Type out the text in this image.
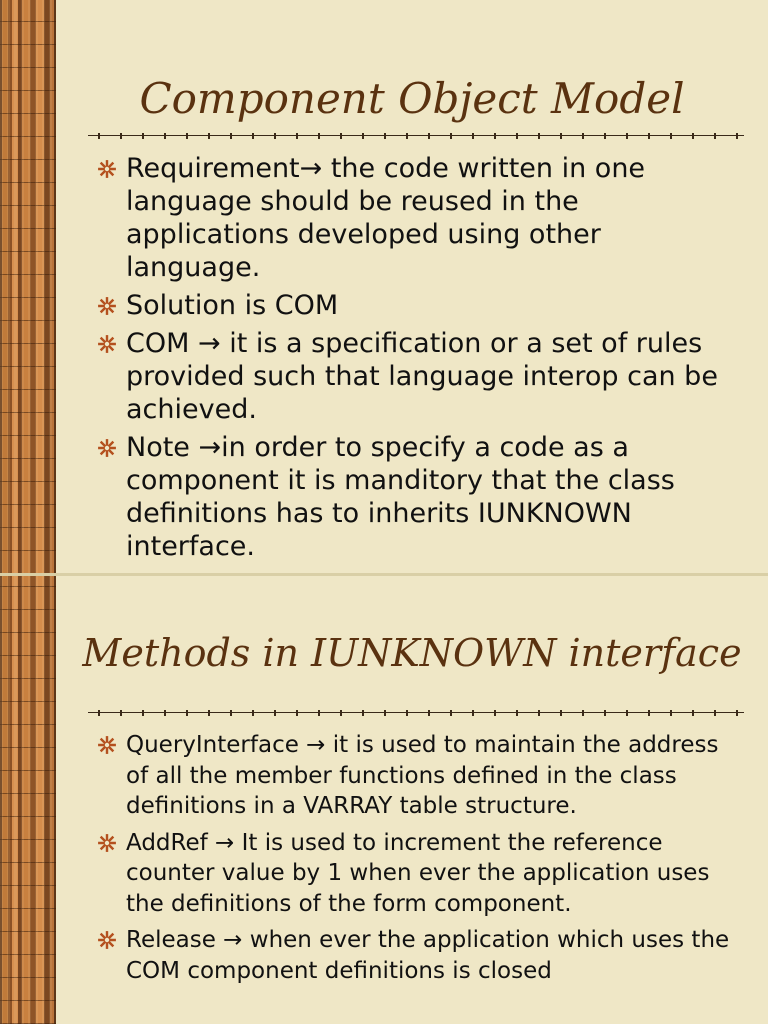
Component Object Model
Requirement→ the code written in one language should be reused in the applications developed using other language.
Solution is COM
COM → it is a specification or a set of rules provided such that language interop can be achieved.
Note →in order to specify a code as a component it is manditory that the class definitions has to inherits IUNKNOWN interface.
Methods in IUNKNOWN interface
QueryInterface → it is used to maintain the address of all the member functions defined in the class definitions in a VARRAY table structure.
AddRef → It is used to increment the reference counter value by 1 when ever the application uses the definitions of the form component.
Release → when ever the application which uses the COM component definitions is closed
